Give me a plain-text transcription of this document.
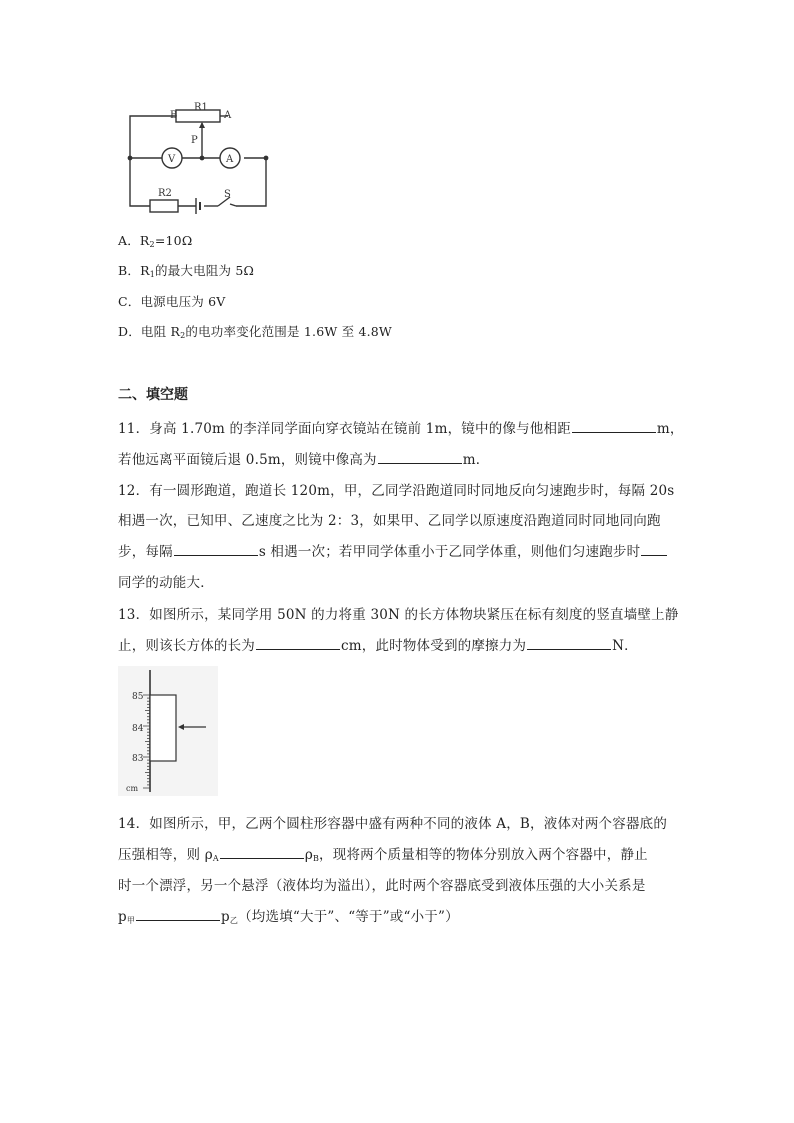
B
R1
A
P
V	A
R2	S
A．$R_2=10\Omega$
B．$R_1$的最大电阻为 5Ω
C．电源电压为 6V
D．电阻 $R_2$的电功率变化范围是 1.6W 至 4.8W
二、填空题
11．身高 1.70m 的李洋同学面向穿衣镜站在镜前 1m，镜中的像与他相距	m，
若他远离平面镜后退 0.5m，则镜中像高为	m．
12．有一圆形跑道，跑道长 120m，甲，乙同学沿跑道同时同地反向匀速跑步时，每隔 20s
相遇一次，已知甲、乙速度之比为 2：3，如果甲、乙同学以原速度沿跑道同时同地同向跑
步，每隔	s 相遇一次；若甲同学体重小于乙同学体重，则他们匀速跑步时
同学的动能大．
13．如图所示，某同学用 50N 的力将重 30N 的长方体物块紧压在标有刻度的竖直墙壁上静
止，则该长方体的长为	cm，此时物体受到的摩擦力为	N．
85
84
83
cm
14．如图所示，甲，乙两个圆柱形容器中盛有两种不同的液体 A，B，液体对两个容器底的
压强相等，则 $\rho_A$	$\rho_B$，现将两个质量相等的物体分别放入两个容器中，静止
时一个漂浮，另一个悬浮（液体均为溢出），此时两个容器底受到液体压强的大小关系是
$p_甲$	$p_乙$（均选填“大于”、“等于”或“小于”）
